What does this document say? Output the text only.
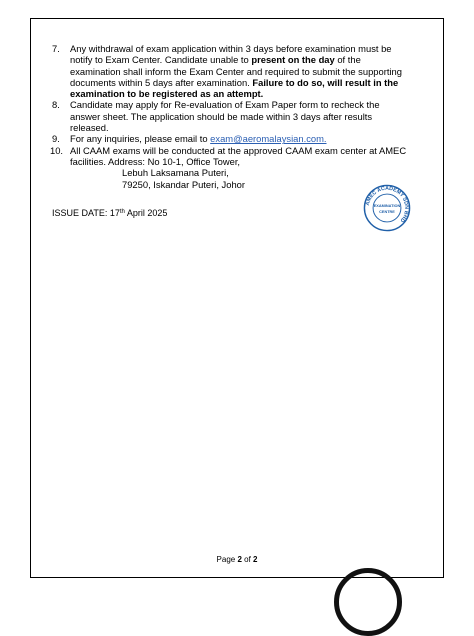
7. Any withdrawal of exam application within 3 days before examination must be notify to Exam Center. Candidate unable to present on the day of the examination shall inform the Exam Center and required to submit the supporting documents within 5 days after examination. Failure to do so, will result in the examination to be registered as an attempt.
8. Candidate may apply for Re-evaluation of Exam Paper form to recheck the answer sheet. The application should be made within 3 days after results released.
9. For any inquiries, please email to exam@aeromalaysian.com.
10. All CAAM exams will be conducted at the approved CAAM exam center at AMEC facilities. Address: No 10-1, Office Tower,
Lebuh Laksamana Puteri,
79250, Iskandar Puteri, Johor
ISSUE DATE: 17th April 2025
AMEC ACADEMY SDN BHD
EXAMINATION
CENTRE
Page 2 of 2
